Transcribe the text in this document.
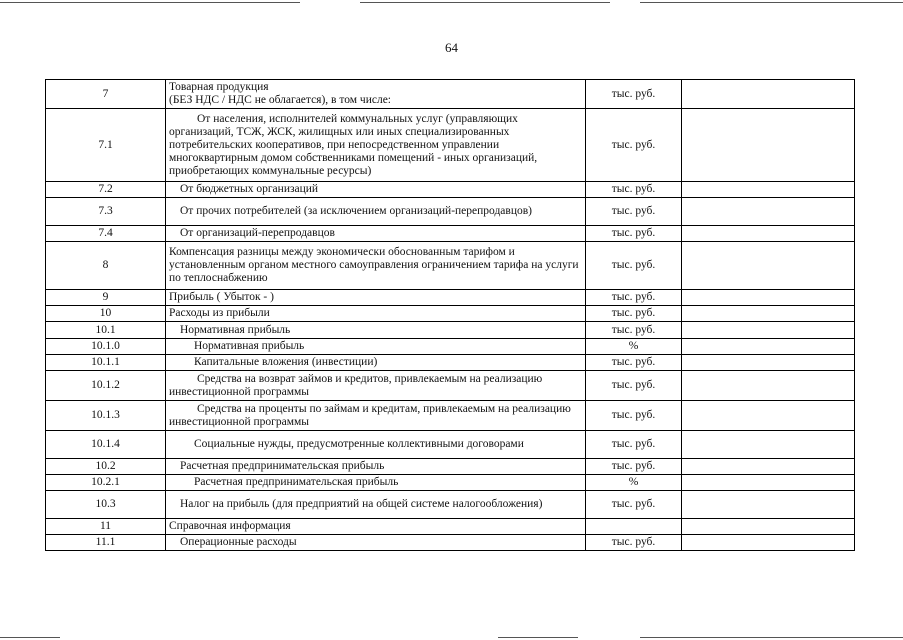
64
7	Товарная продукция
(БЕЗ НДС / НДС не облагается), в том числе:	тыс. руб.		
7.1	От населения, исполнителей коммунальных услуг (управляющих организаций, ТСЖ, ЖСК, жилищных или иных специализированных потребительских кооперативов, при непосредственном управлении многоквартирным домом собственниками помещений - иных организаций, приобретающих коммунальные ресурсы)	тыс. руб.		
7.2	От бюджетных организаций	тыс. руб.		
7.3	От прочих потребителей (за исключением организаций-перепродавцов)	тыс. руб.		
7.4	От организаций-перепродавцов	тыс. руб.		
8	Компенсация разницы между экономически обоснованным тарифом и установленным органом местного самоуправления ограничением тарифа на услуги по теплоснабжению	тыс. руб.		
9	Прибыль ( Убыток - )	тыс. руб.		
10	Расходы из прибыли	тыс. руб.		
10.1	Нормативная прибыль	тыс. руб.		
10.1.0	Нормативная прибыль	%		
10.1.1	Капитальные вложения (инвестиции)	тыс. руб.		
10.1.2	Средства на возврат займов и кредитов, привлекаемым на реализацию инвестиционной программы	тыс. руб.		
10.1.3	Средства на проценты по займам и кредитам, привлекаемым на реализацию инвестиционной программы	тыс. руб.		
10.1.4	Социальные нужды, предусмотренные коллективными договорами	тыс. руб.		
10.2	Расчетная предпринимательская прибыль	тыс. руб.		
10.2.1	Расчетная предпринимательская прибыль	%		
10.3	Налог на прибыль (для предприятий на общей системе налогообложения)	тыс. руб.		
11	Справочная информация			
11.1	Операционные расходы	тыс. руб.		
